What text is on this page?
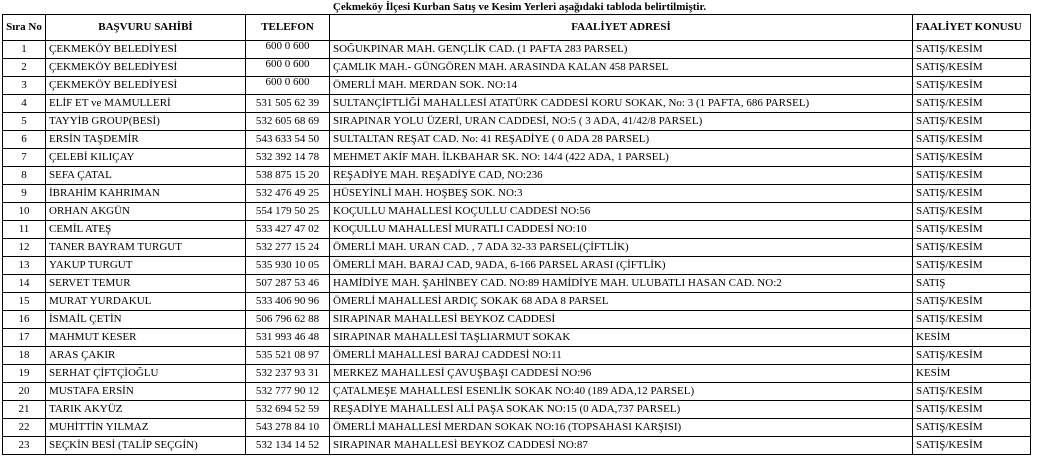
Çekmeköy İlçesi Kurban Satış ve Kesim Yerleri aşağıdaki tabloda belirtilmiştir.
Sıra No	BAŞVURU SAHİBİ	TELEFON	FAALİYET ADRESİ	FAALİYET KONUSU
1	ÇEKMEKÖY BELEDİYESİ	600 0 600	SOĞUKPINAR MAH. GENÇLİK CAD. (1 PAFTA 283 PARSEL)	SATIŞ/KESİM
2	ÇEKMEKÖY BELEDİYESİ	600 0 600	ÇAMLIK MAH.- GÜNGÖREN MAH. ARASINDA KALAN 458 PARSEL	SATIŞ/KESİM
3	ÇEKMEKÖY BELEDİYESİ	600 0 600	ÖMERLİ MAH. MERDAN SOK. NO:14	SATIŞ/KESİM
4	ELİF ET ve MAMULLERİ	531 505 62 39	SULTANÇİFTLİĞİ MAHALLESİ ATATÜRK CADDESİ KORU SOKAK, No: 3 (1 PAFTA, 686 PARSEL)	SATIŞ/KESİM
5	TAYYİB GROUP(BESİ)	532 605 68 69	SIRAPINAR YOLU ÜZERİ, URAN CADDESİ, NO:5 ( 3 ADA, 41/42/8 PARSEL)	SATIŞ/KESİM
6	ERSİN TAŞDEMİR	543 633 54 50	SULTALTAN REŞAT CAD. No: 41 REŞADİYE ( 0 ADA 28 PARSEL)	SATIŞ/KESİM
7	ÇELEBİ KILIÇAY	532 392 14 78	MEHMET AKİF MAH. İLKBAHAR SK. NO: 14/4 (422 ADA, 1 PARSEL)	SATIŞ/KESİM
8	SEFA ÇATAL	538 875 15 20	REŞADİYE MAH. REŞADİYE CAD, NO:236	SATIŞ/KESİM
9	İBRAHİM KAHRIMAN	532 476 49 25	HÜSEYİNLİ MAH. HOŞBEŞ SOK. NO:3	SATIŞ/KESİM
10	ORHAN AKGÜN	554 179 50 25	KOÇULLU MAHALLESİ KOÇULLU CADDESİ NO:56	SATIŞ/KESİM
11	CEMİL ATEŞ	533 427 47 02	KOÇULLU MAHALLESİ MURATLI CADDESİ NO:10	SATIŞ/KESİM
12	TANER BAYRAM TURGUT	532 277 15 24	ÖMERLİ MAH. URAN CAD. , 7 ADA 32-33 PARSEL(ÇİFTLİK)	SATIŞ/KESİM
13	YAKUP TURGUT	535 930 10 05	ÖMERLİ MAH. BARAJ CAD, 9ADA, 6-166 PARSEL ARASI (ÇİFTLİK)	SATIŞ/KESİM
14	SERVET TEMUR	507 287 53 46	HAMİDİYE MAH. ŞAHİNBEY CAD. NO:89 HAMİDİYE MAH. ULUBATLI HASAN CAD. NO:2	SATIŞ
15	MURAT YURDAKUL	533 406 90 96	ÖMERLİ MAHALLESİ ARDIÇ SOKAK 68 ADA 8 PARSEL	SATIŞ/KESİM
16	İSMAİL ÇETİN	506 796 62 88	SIRAPINAR MAHALLESİ BEYKOZ CADDESİ	SATIŞ/KESİM
17	MAHMUT KESER	531 993 46 48	SIRAPINAR MAHALLESİ TAŞLIARMUT SOKAK	KESİM
18	ARAS ÇAKIR	535 521 08 97	ÖMERLİ MAHALLESİ BARAJ CADDESİ NO:11	SATIŞ/KESİM
19	SERHAT ÇİFTÇİOĞLU	532 237 93 31	MERKEZ MAHALLESİ ÇAVUŞBAŞI CADDESİ NO:96	KESİM
20	MUSTAFA ERSİN	532 777 90 12	ÇATALMEŞE MAHALLESİ ESENLİK SOKAK NO:40 (189 ADA,12 PARSEL)	SATIŞ/KESİM
21	TARIK AKYÜZ	532 694 52 59	REŞADİYE MAHALLESİ ALİ PAŞA SOKAK NO:15 (0 ADA,737 PARSEL)	SATIŞ/KESİM
22	MUHİTTİN YILMAZ	543 278 84 10	ÖMERLİ MAHALLESİ MERDAN SOKAK NO:16 (TOPSAHASI KARŞISI)	SATIŞ/KESİM
23	SEÇKİN BESİ (TALİP SEÇGİN)	532 134 14 52	SIRAPINAR MAHALLESİ BEYKOZ CADDESİ NO:87	SATIŞ/KESİM
